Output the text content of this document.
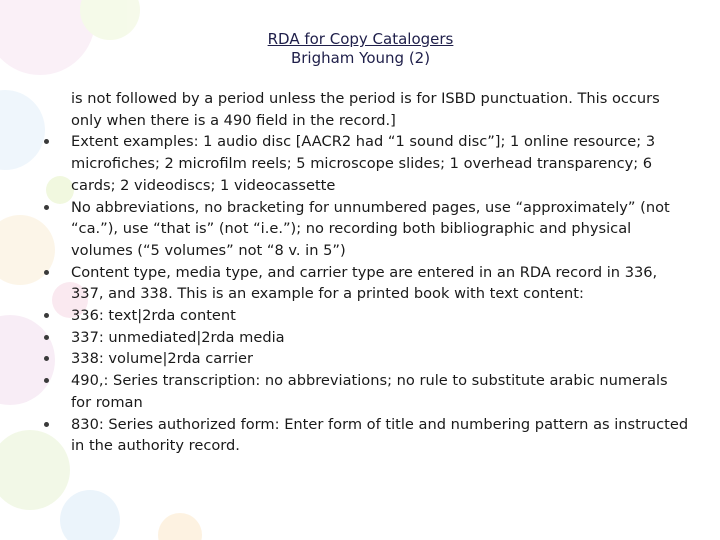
RDA for Copy Catalogers
Brigham Young (2)

is not followed by a period unless the period is for ISBD punctuation. This occurs only when there is a 490 field in the record.]

Extent examples: 1 audio disc [AACR2 had “1 sound disc”]; 1 online resource; 3 microfiches; 2 microfilm reels; 5 microscope slides; 1 overhead transparency; 6 cards; 2 videodiscs; 1 videocassette
No abbreviations, no bracketing for unnumbered pages, use “approximately” (not “ca.”), use “that is” (not “i.e.”); no recording both bibliographic and physical volumes (“5 volumes” not “8 v. in 5”)
Content type, media type, and carrier type are entered in an RDA record in 336, 337, and 338. This is an example for a printed book with text content:
336: text|2rda content
337: unmediated|2rda media
338: volume|2rda carrier
490,: Series transcription: no abbreviations; no rule to substitute arabic numerals for roman
830: Series authorized form: Enter form of title and numbering pattern as instructed in the authority record.
